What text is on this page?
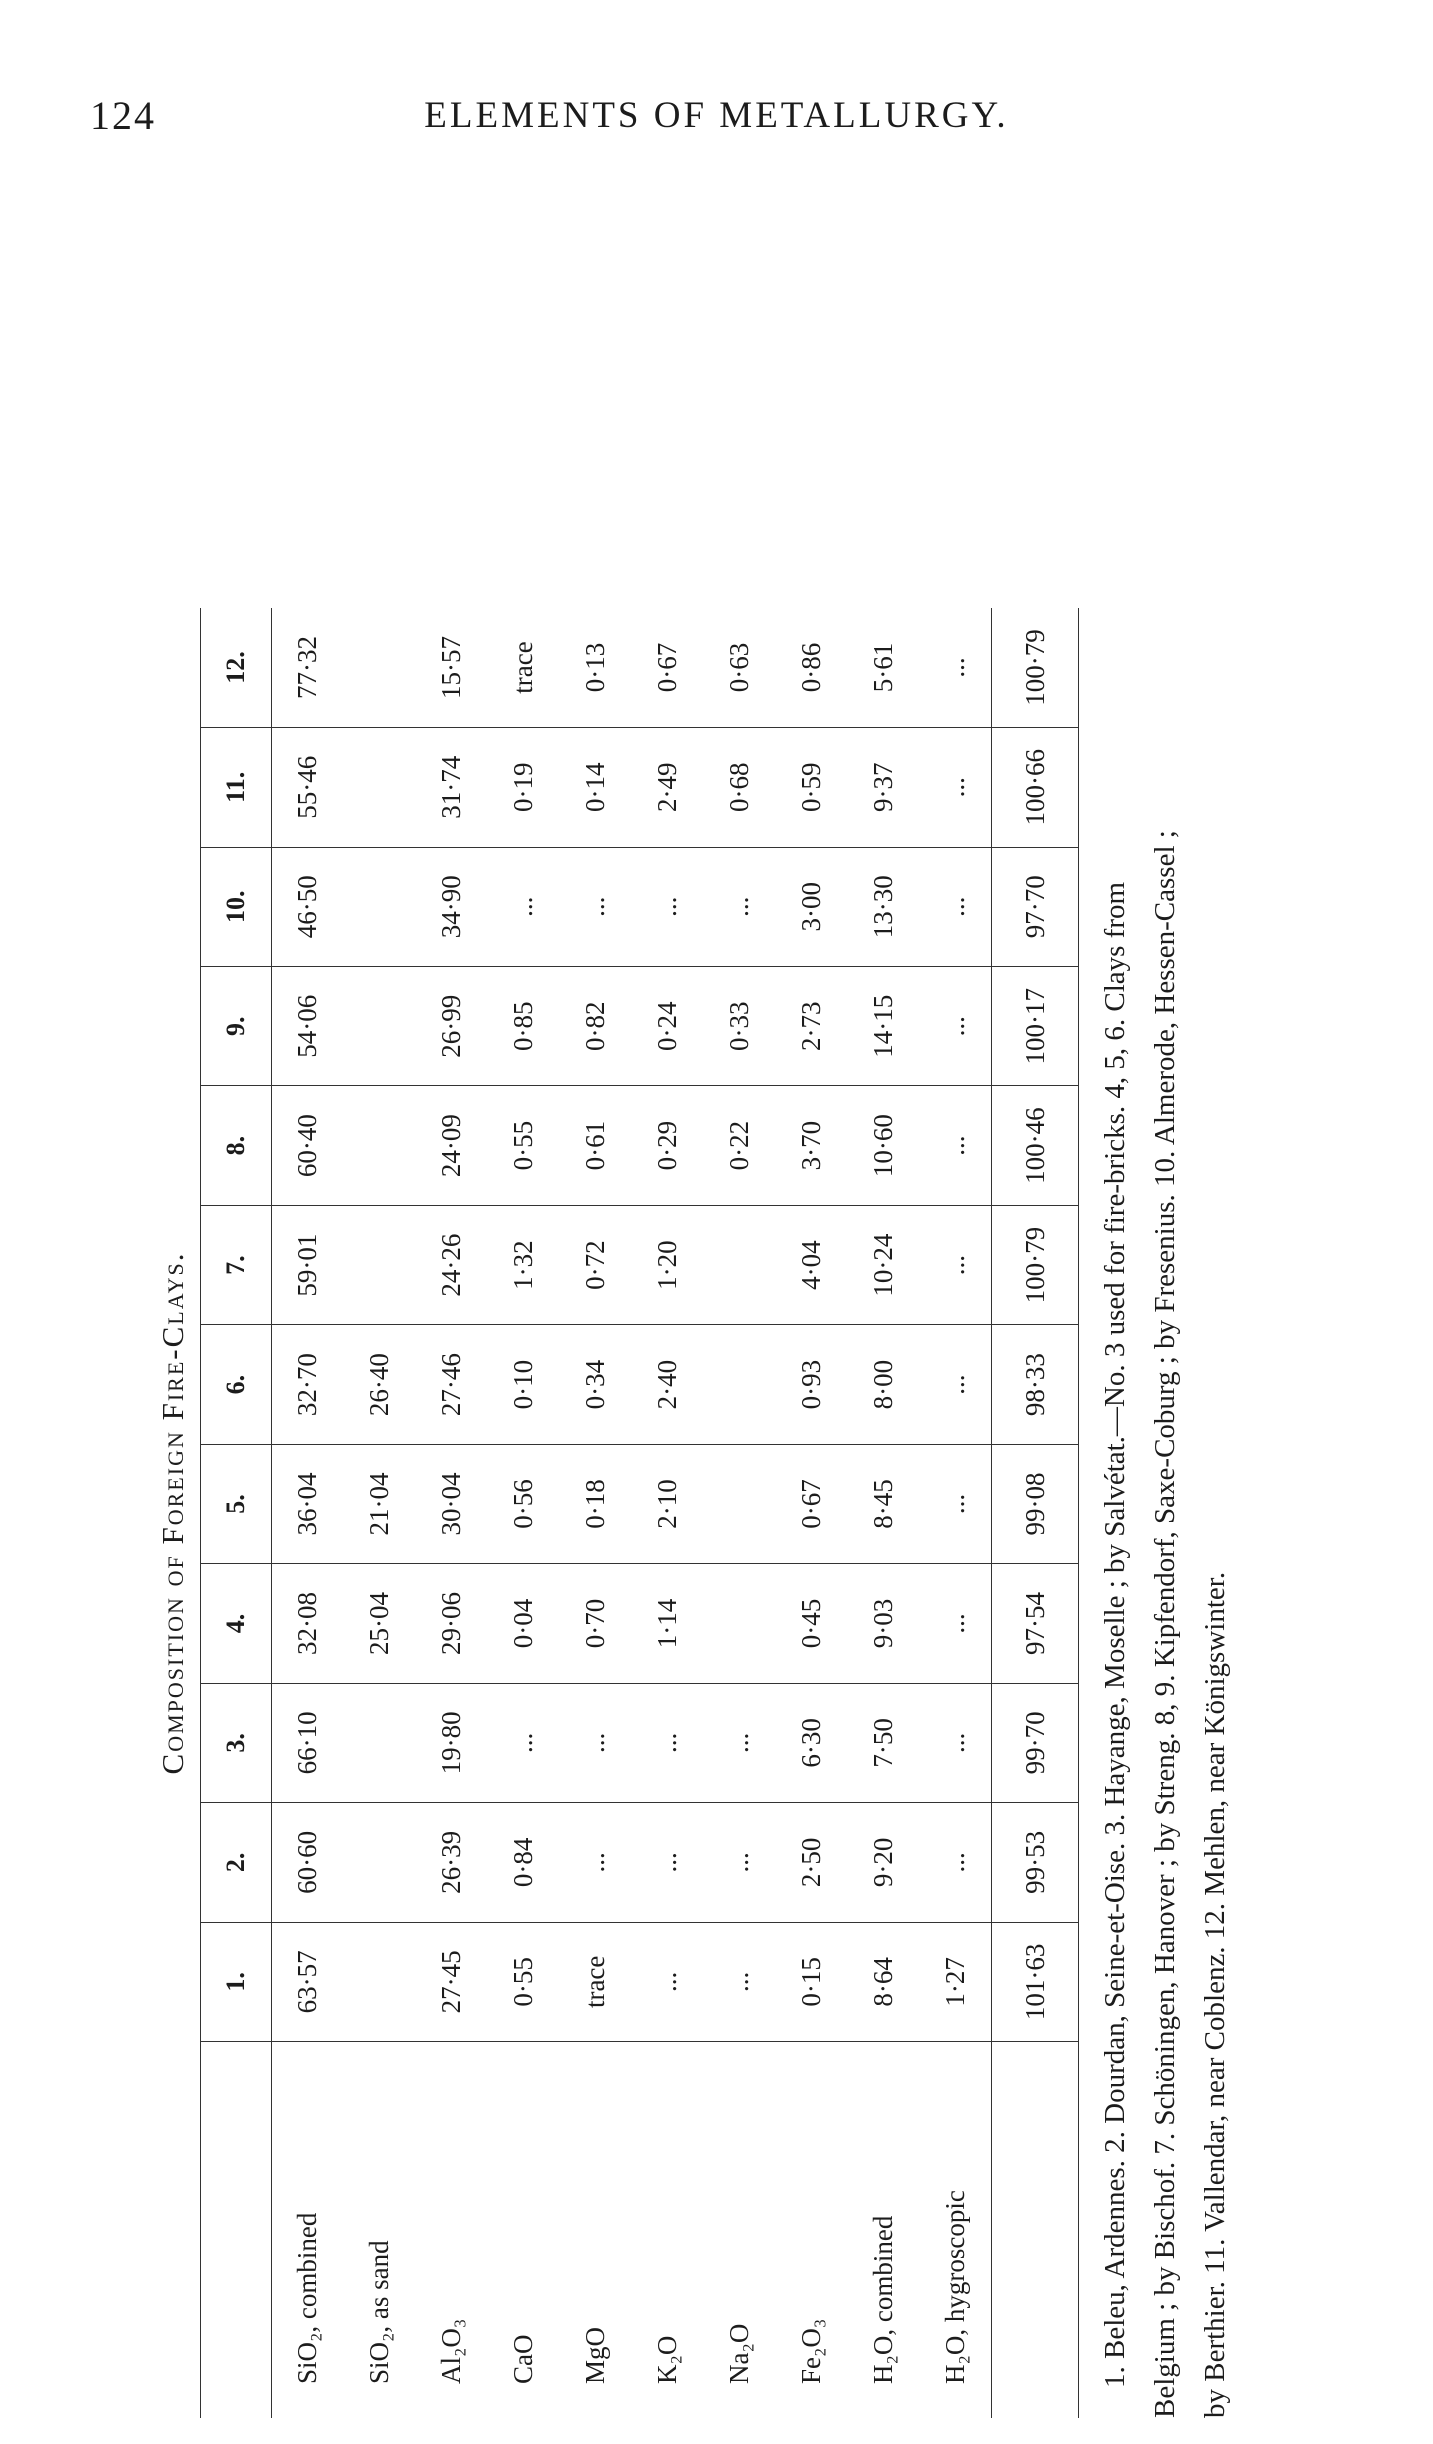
124	ELEMENTS OF METALLURGY.
Composition of Foreign Fire-Clays.
	1.	2.	3.	4.	5.	6.	7.	8.	9.	10.	11.	12.
SiO₂, combined	63·57	60·60	66·10	32·08	36·04	32·70	59·01	60·40	54·06	46·50	55·46	77·32
SiO₂, as sand				25·04	21·04	26·40						
Al₂O₃	27·45	26·39	19·80	29·06	30·04	27·46	24·26	24·09	26·99	34·90	31·74	15·57
CaO	0·55	0·84	...	0·04	0·56	0·10	1·32	0·55	0·85	...	0·19	trace
MgO	trace	...	...	0·70	0·18	0·34	0·72	0·61	0·82	...	0·14	0·13
K₂O	...	...	...	1·14	2·10	2·40	1·20	0·29	0·24	...	2·49	0·67
Na₂O	...	...	...					0·22	0·33	...	0·68	0·63
Fe₂O₃	0·15	2·50	6·30	0·45	0·67	0·93	4·04	3·70	2·73	3·00	0·59	0·86
H₂O, combined	8·64	9·20	7·50	9·03	8·45	8·00	10·24	10·60	14·15	13·30	9·37	5·61
H₂O, hygroscopic	1·27	...	...	...	...	...	...	...	...	...	...	...
	101·63	99·53	99·70	97·54	99·08	98·33	100·79	100·46	100·17	97·70	100·66	100·79
1. Beleu, Ardennes. 2. Dourdan, Seine-et-Oise. 3. Hayange, Moselle ; by Salvétat.—No. 3 used for fire-bricks. 4, 5, 6. Clays from Belgium ; by Bischof. 7. Schöningen, Hanover ; by Streng. 8, 9. Kipfendorf, Saxe-Coburg ; by Fresenius. 10. Almerode, Hessen-Cassel ; by Berthier. 11. Vallendar, near Coblenz. 12. Mehlen, near Königswinter.
